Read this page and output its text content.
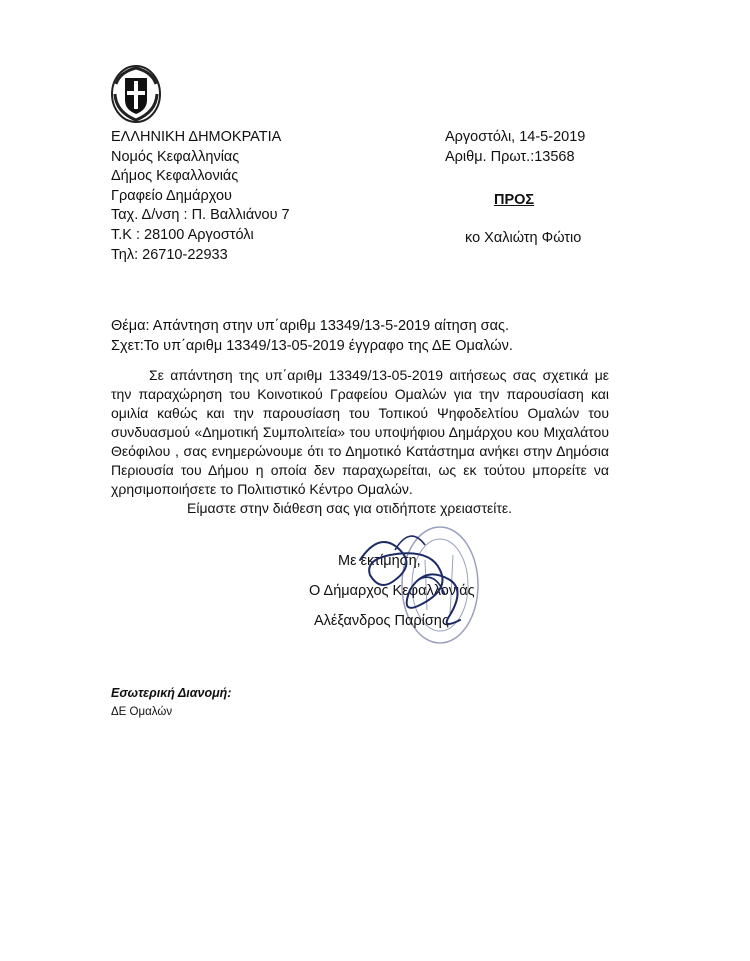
ΕΛΛΗΝΙΚΗ ΔΗΜΟΚΡΑΤΙΑ
Νομός Κεφαλληνίας
Δήμος Κεφαλλονιάς
Γραφείο Δημάρχου
Ταχ. Δ/νση : Π. Βαλλιάνου 7
Τ.Κ : 28100 Αργοστόλι
Τηλ: 26710-22933
Αργοστόλι, 14-5-2019
Αριθμ. Πρωτ.:13568
ΠΡΟΣ
κο Χαλιώτη Φώτιο
Θέμα: Απάντηση στην υπ΄αριθμ 13349/13-5-2019 αίτηση σας.
Σχετ:Το υπ΄αριθμ 13349/13-05-2019 έγγραφο της ΔΕ Ομαλών.

Σε απάντηση της υπ΄αριθμ 13349/13-05-2019 αιτήσεως σας σχετικά με την παραχώρηση του Κοινοτικού Γραφείου Ομαλών για την παρουσίαση και ομιλία καθώς και την παρουσίαση του Τοπικού Ψηφοδελτίου Ομαλών του συνδυασμού «Δημοτική Συμπολιτεία» του υποψήφιου Δημάρχου κου Μιχαλάτου Θεόφιλου , σας ενημερώνουμε ότι το Δημοτικό Κατάστημα ανήκει στην Δημόσια Περιουσία του Δήμου η οποία δεν παραχωρείται, ως εκ τούτου μπορείτε να χρησιμοποιήσετε το Πολιτιστικό Κέντρο Ομαλών.

Είμαστε στην διάθεση σας για οτιδήποτε χρειαστείτε.

Με εκτίμηση,
Ο Δήμαρχος Κεφαλλονιάς
Αλέξανδρος Παρίσης
Εσωτερική Διανομή:
ΔΕ Ομαλών
